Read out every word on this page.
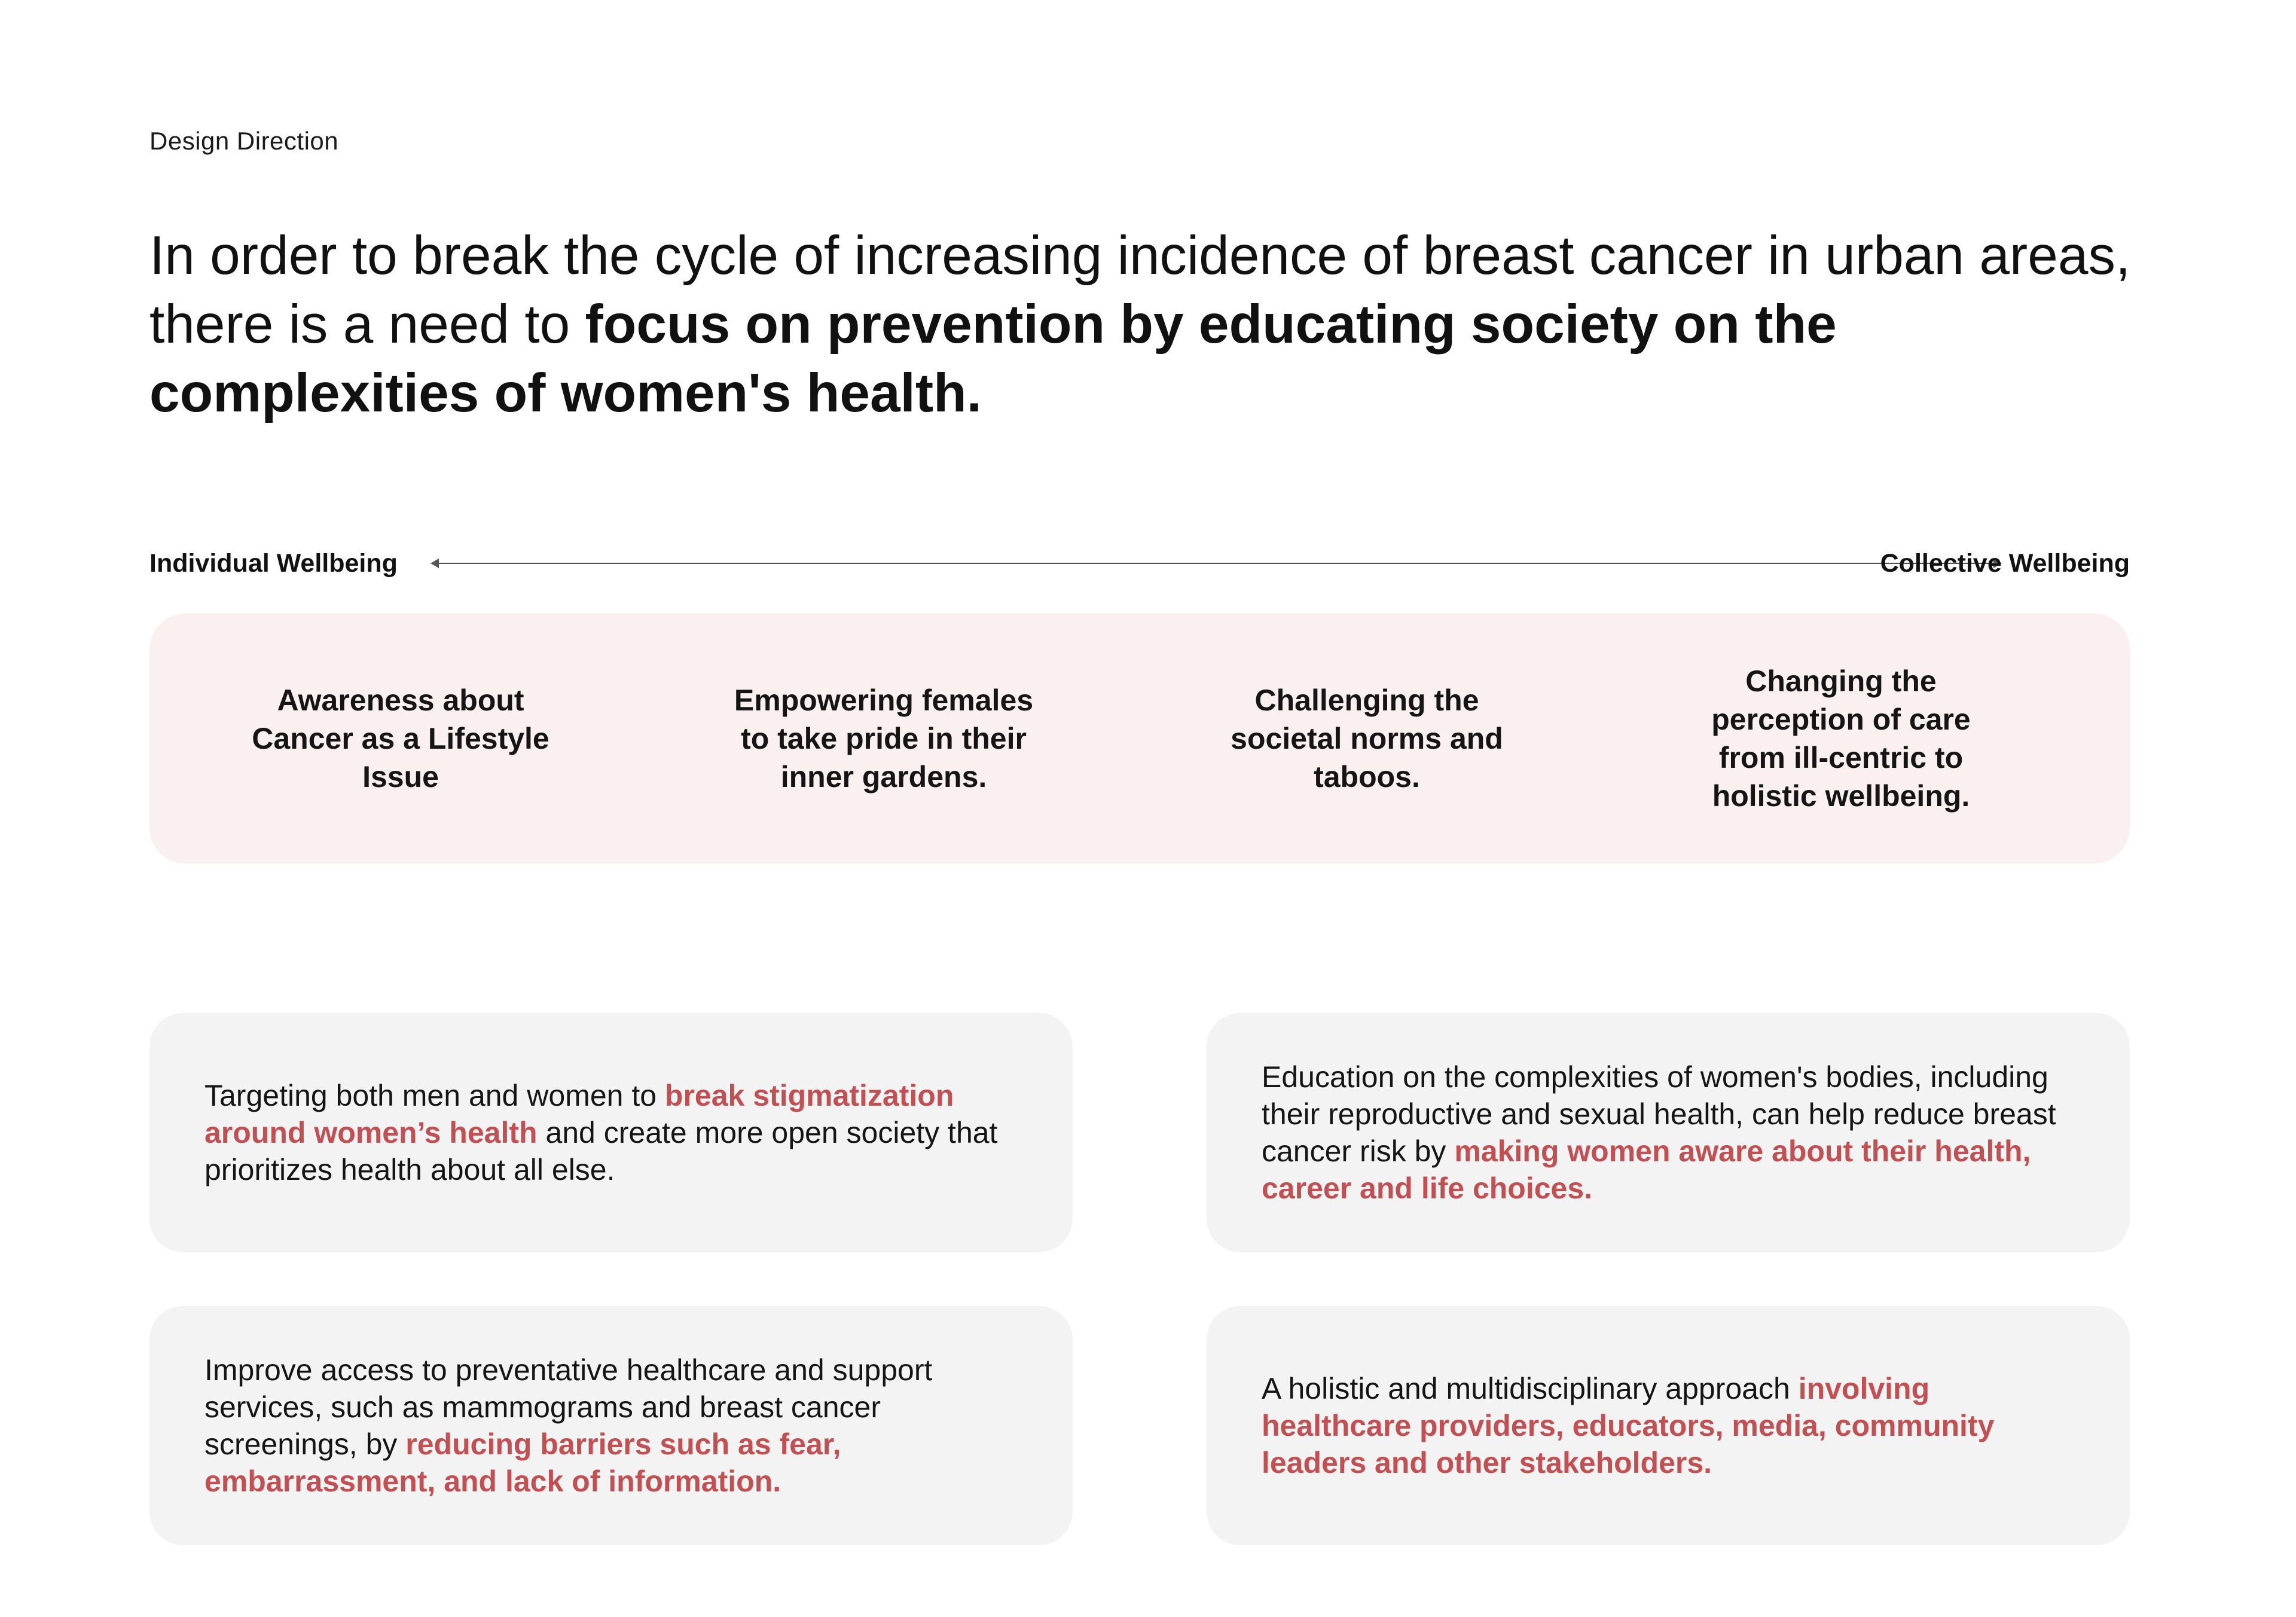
Design Direction
In order to break the cycle of increasing incidence of breast cancer in urban areas, there is a need to focus on prevention by educating society on the complexities of women's health.
Individual Wellbeing	Collective Wellbeing
Awareness about Cancer as a Lifestyle Issue
Empowering females to take pride in their inner gardens.
Challenging the societal norms and taboos.
Changing the perception of care from ill-centric to holistic wellbeing.

Targeting both men and women to break stigmatization around women’s health and create more open society that prioritizes health about all else.

Education on the complexities of women's bodies, including their reproductive and sexual health, can help reduce breast cancer risk by making women aware about their health, career and life choices.

Improve access to preventative healthcare and support services, such as mammograms and breast cancer screenings, by reducing barriers such as fear, embarrassment, and lack of information.

A holistic and multidisciplinary approach involving healthcare providers, educators, media, community leaders and other stakeholders.
